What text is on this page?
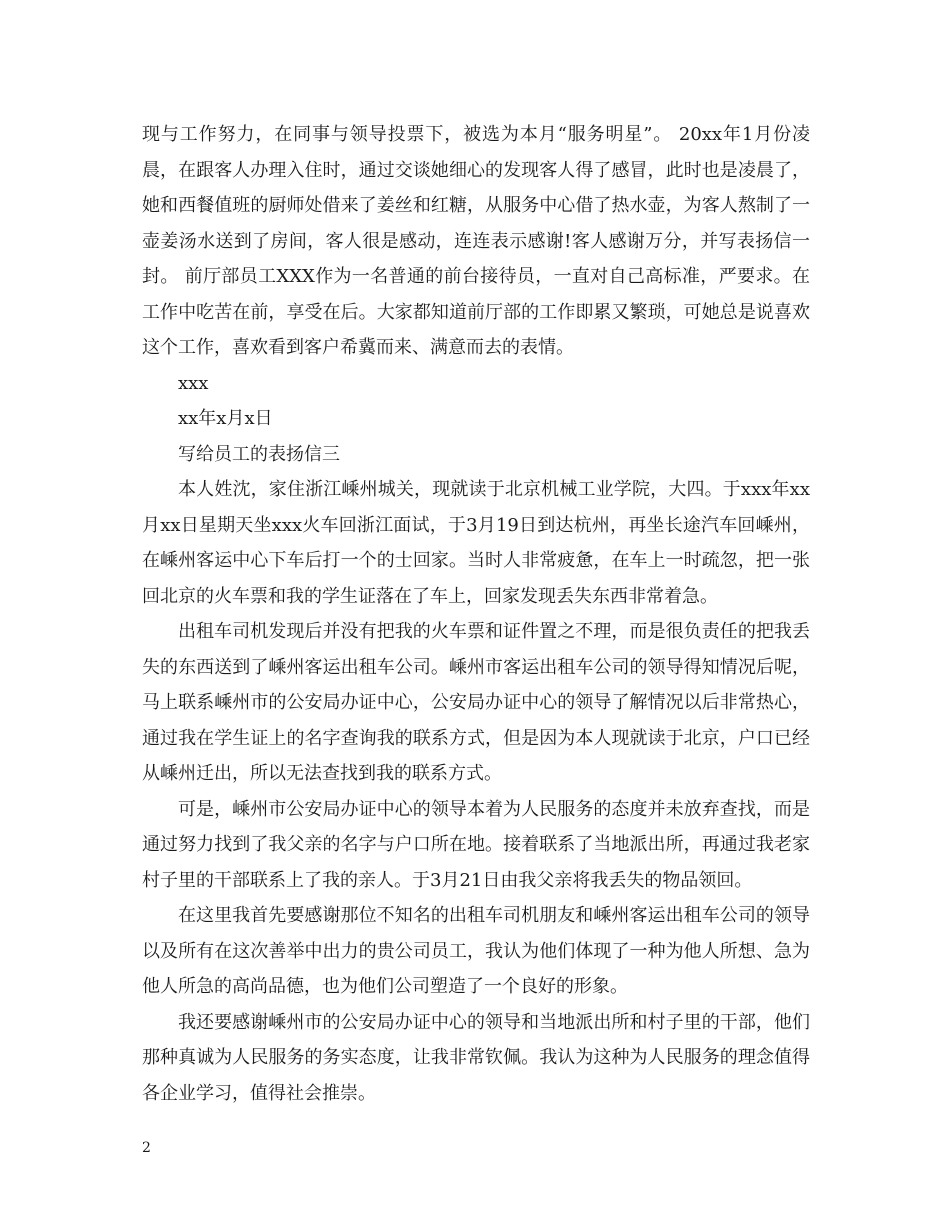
现与工作努力，在同事与领导投票下，被选为本月“服务明星”。 20xx年1月份凌晨，在跟客人办理入住时，通过交谈她细心的发现客人得了感冒，此时也是凌晨了，她和西餐值班的厨师处借来了姜丝和红糖，从服务中心借了热水壶，为客人熬制了一壶姜汤水送到了房间，客人很是感动，连连表示感谢!客人感谢万分，并写表扬信一封。 前厅部员工XXX作为一名普通的前台接待员，一直对自己高标准，严要求。在工作中吃苦在前，享受在后。大家都知道前厅部的工作即累又繁琐，可她总是说喜欢这个工作，喜欢看到客户希冀而来、满意而去的表情。

xxx

xx年x月x日

写给员工的表扬信三

本人姓沈，家住浙江嵊州城关，现就读于北京机械工业学院，大四。于xxx年xx月xx日星期天坐xxx火车回浙江面试，于3月19日到达杭州，再坐长途汽车回嵊州，在嵊州客运中心下车后打一个的士回家。当时人非常疲惫，在车上一时疏忽，把一张回北京的火车票和我的学生证落在了车上，回家发现丢失东西非常着急。

出租车司机发现后并没有把我的火车票和证件置之不理，而是很负责任的把我丢失的东西送到了嵊州客运出租车公司。嵊州市客运出租车公司的领导得知情况后呢，马上联系嵊州市的公安局办证中心，公安局办证中心的领导了解情况以后非常热心，通过我在学生证上的名字查询我的联系方式，但是因为本人现就读于北京，户口已经从嵊州迁出，所以无法查找到我的联系方式。

可是，嵊州市公安局办证中心的领导本着为人民服务的态度并未放弃查找，而是通过努力找到了我父亲的名字与户口所在地。接着联系了当地派出所，再通过我老家村子里的干部联系上了我的亲人。于3月21日由我父亲将我丢失的物品领回。

在这里我首先要感谢那位不知名的出租车司机朋友和嵊州客运出租车公司的领导以及所有在这次善举中出力的贵公司员工，我认为他们体现了一种为他人所想、急为他人所急的高尚品德，也为他们公司塑造了一个良好的形象。

我还要感谢嵊州市的公安局办证中心的领导和当地派出所和村子里的干部，他们那种真诚为人民服务的务实态度，让我非常钦佩。我认为这种为人民服务的理念值得各企业学习，值得社会推崇。

2
